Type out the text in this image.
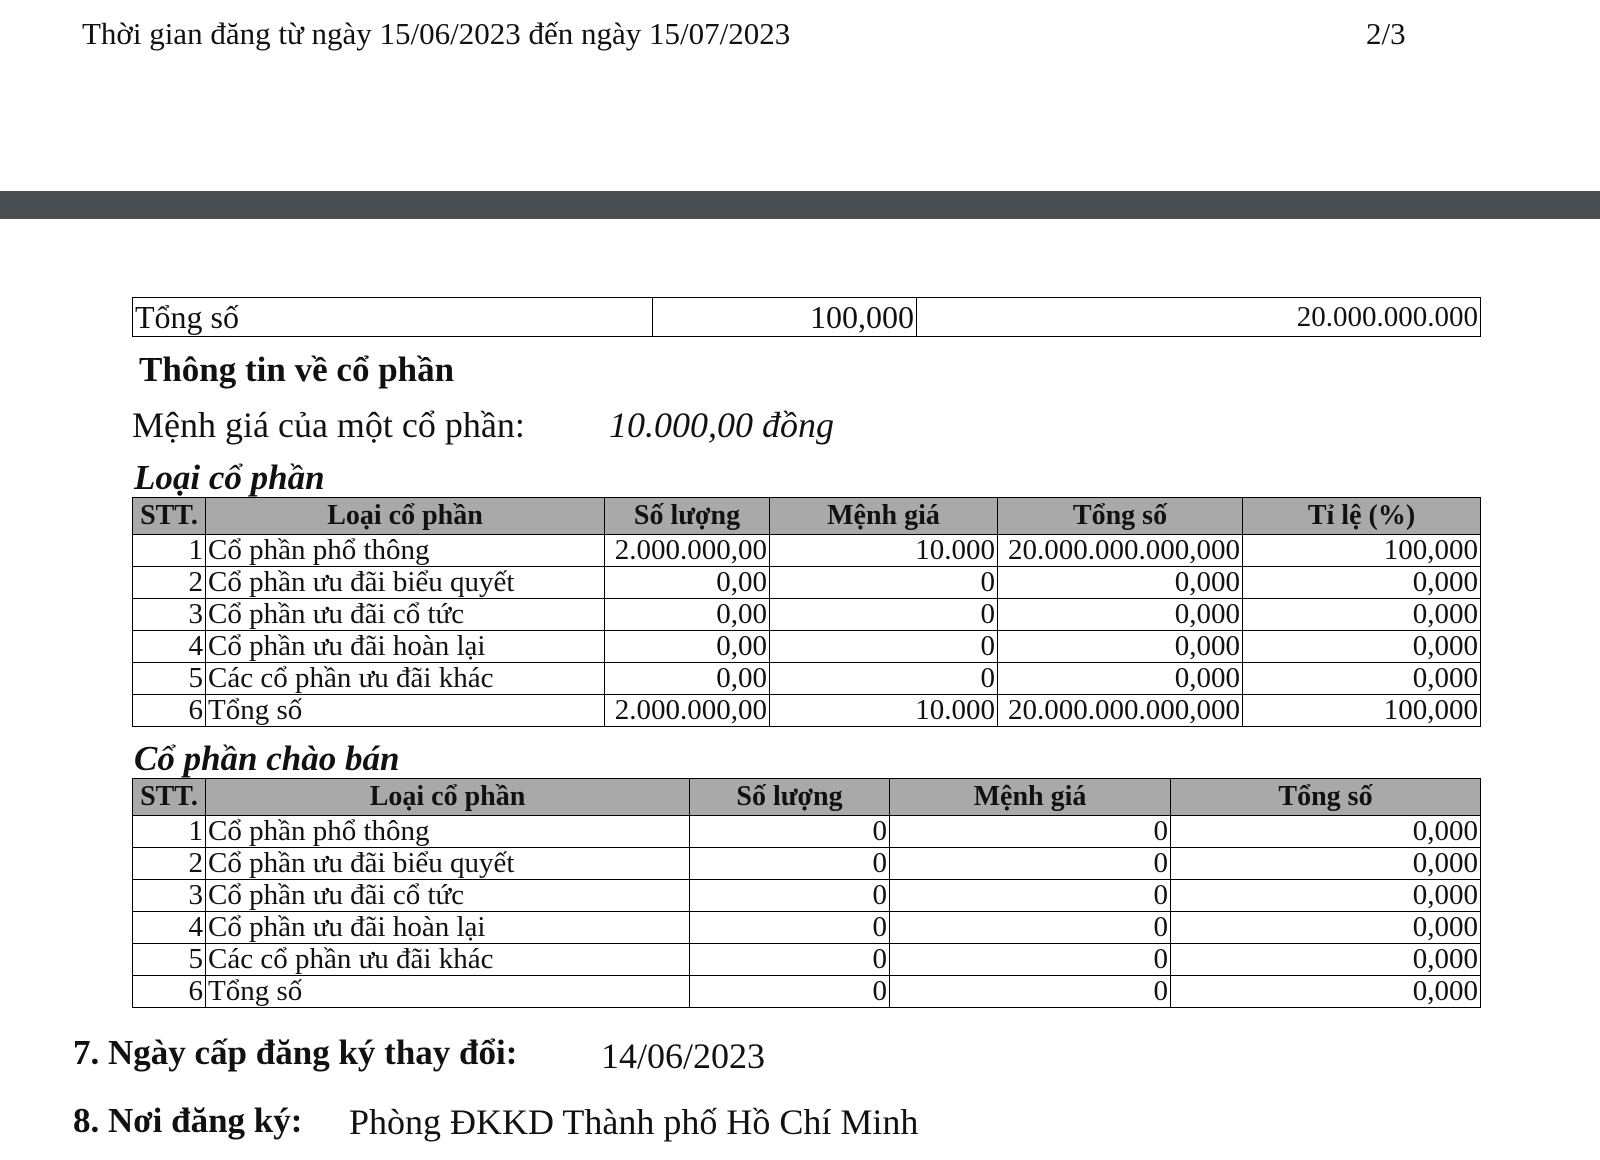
Thời gian đăng từ ngày 15/06/2023 đến ngày 15/07/2023	2/3
Tổng số	100,000	20.000.000.000
Thông tin về cổ phần
Mệnh giá của một cổ phần: 10.000,00 đồng
Loại cổ phần
STT.	Loại cổ phần	Số lượng	Mệnh giá	Tổng số	Tỉ lệ (%)
1	Cổ phần phổ thông	2.000.000,00	10.000	20.000.000.000,000	100,000
2	Cổ phần ưu đãi biểu quyết	0,00	0	0,000	0,000
3	Cổ phần ưu đãi cổ tức	0,00	0	0,000	0,000
4	Cổ phần ưu đãi hoàn lại	0,00	0	0,000	0,000
5	Các cổ phần ưu đãi khác	0,00	0	0,000	0,000
6	Tổng số	2.000.000,00	10.000	20.000.000.000,000	100,000
Cổ phần chào bán
STT.	Loại cổ phần	Số lượng	Mệnh giá	Tổng số
1	Cổ phần phổ thông	0	0	0,000
2	Cổ phần ưu đãi biểu quyết	0	0	0,000
3	Cổ phần ưu đãi cổ tức	0	0	0,000
4	Cổ phần ưu đãi hoàn lại	0	0	0,000
5	Các cổ phần ưu đãi khác	0	0	0,000
6	Tổng số	0	0	0,000
7. Ngày cấp đăng ký thay đổi: 14/06/2023
8. Nơi đăng ký: Phòng ĐKKD Thành phố Hồ Chí Minh
